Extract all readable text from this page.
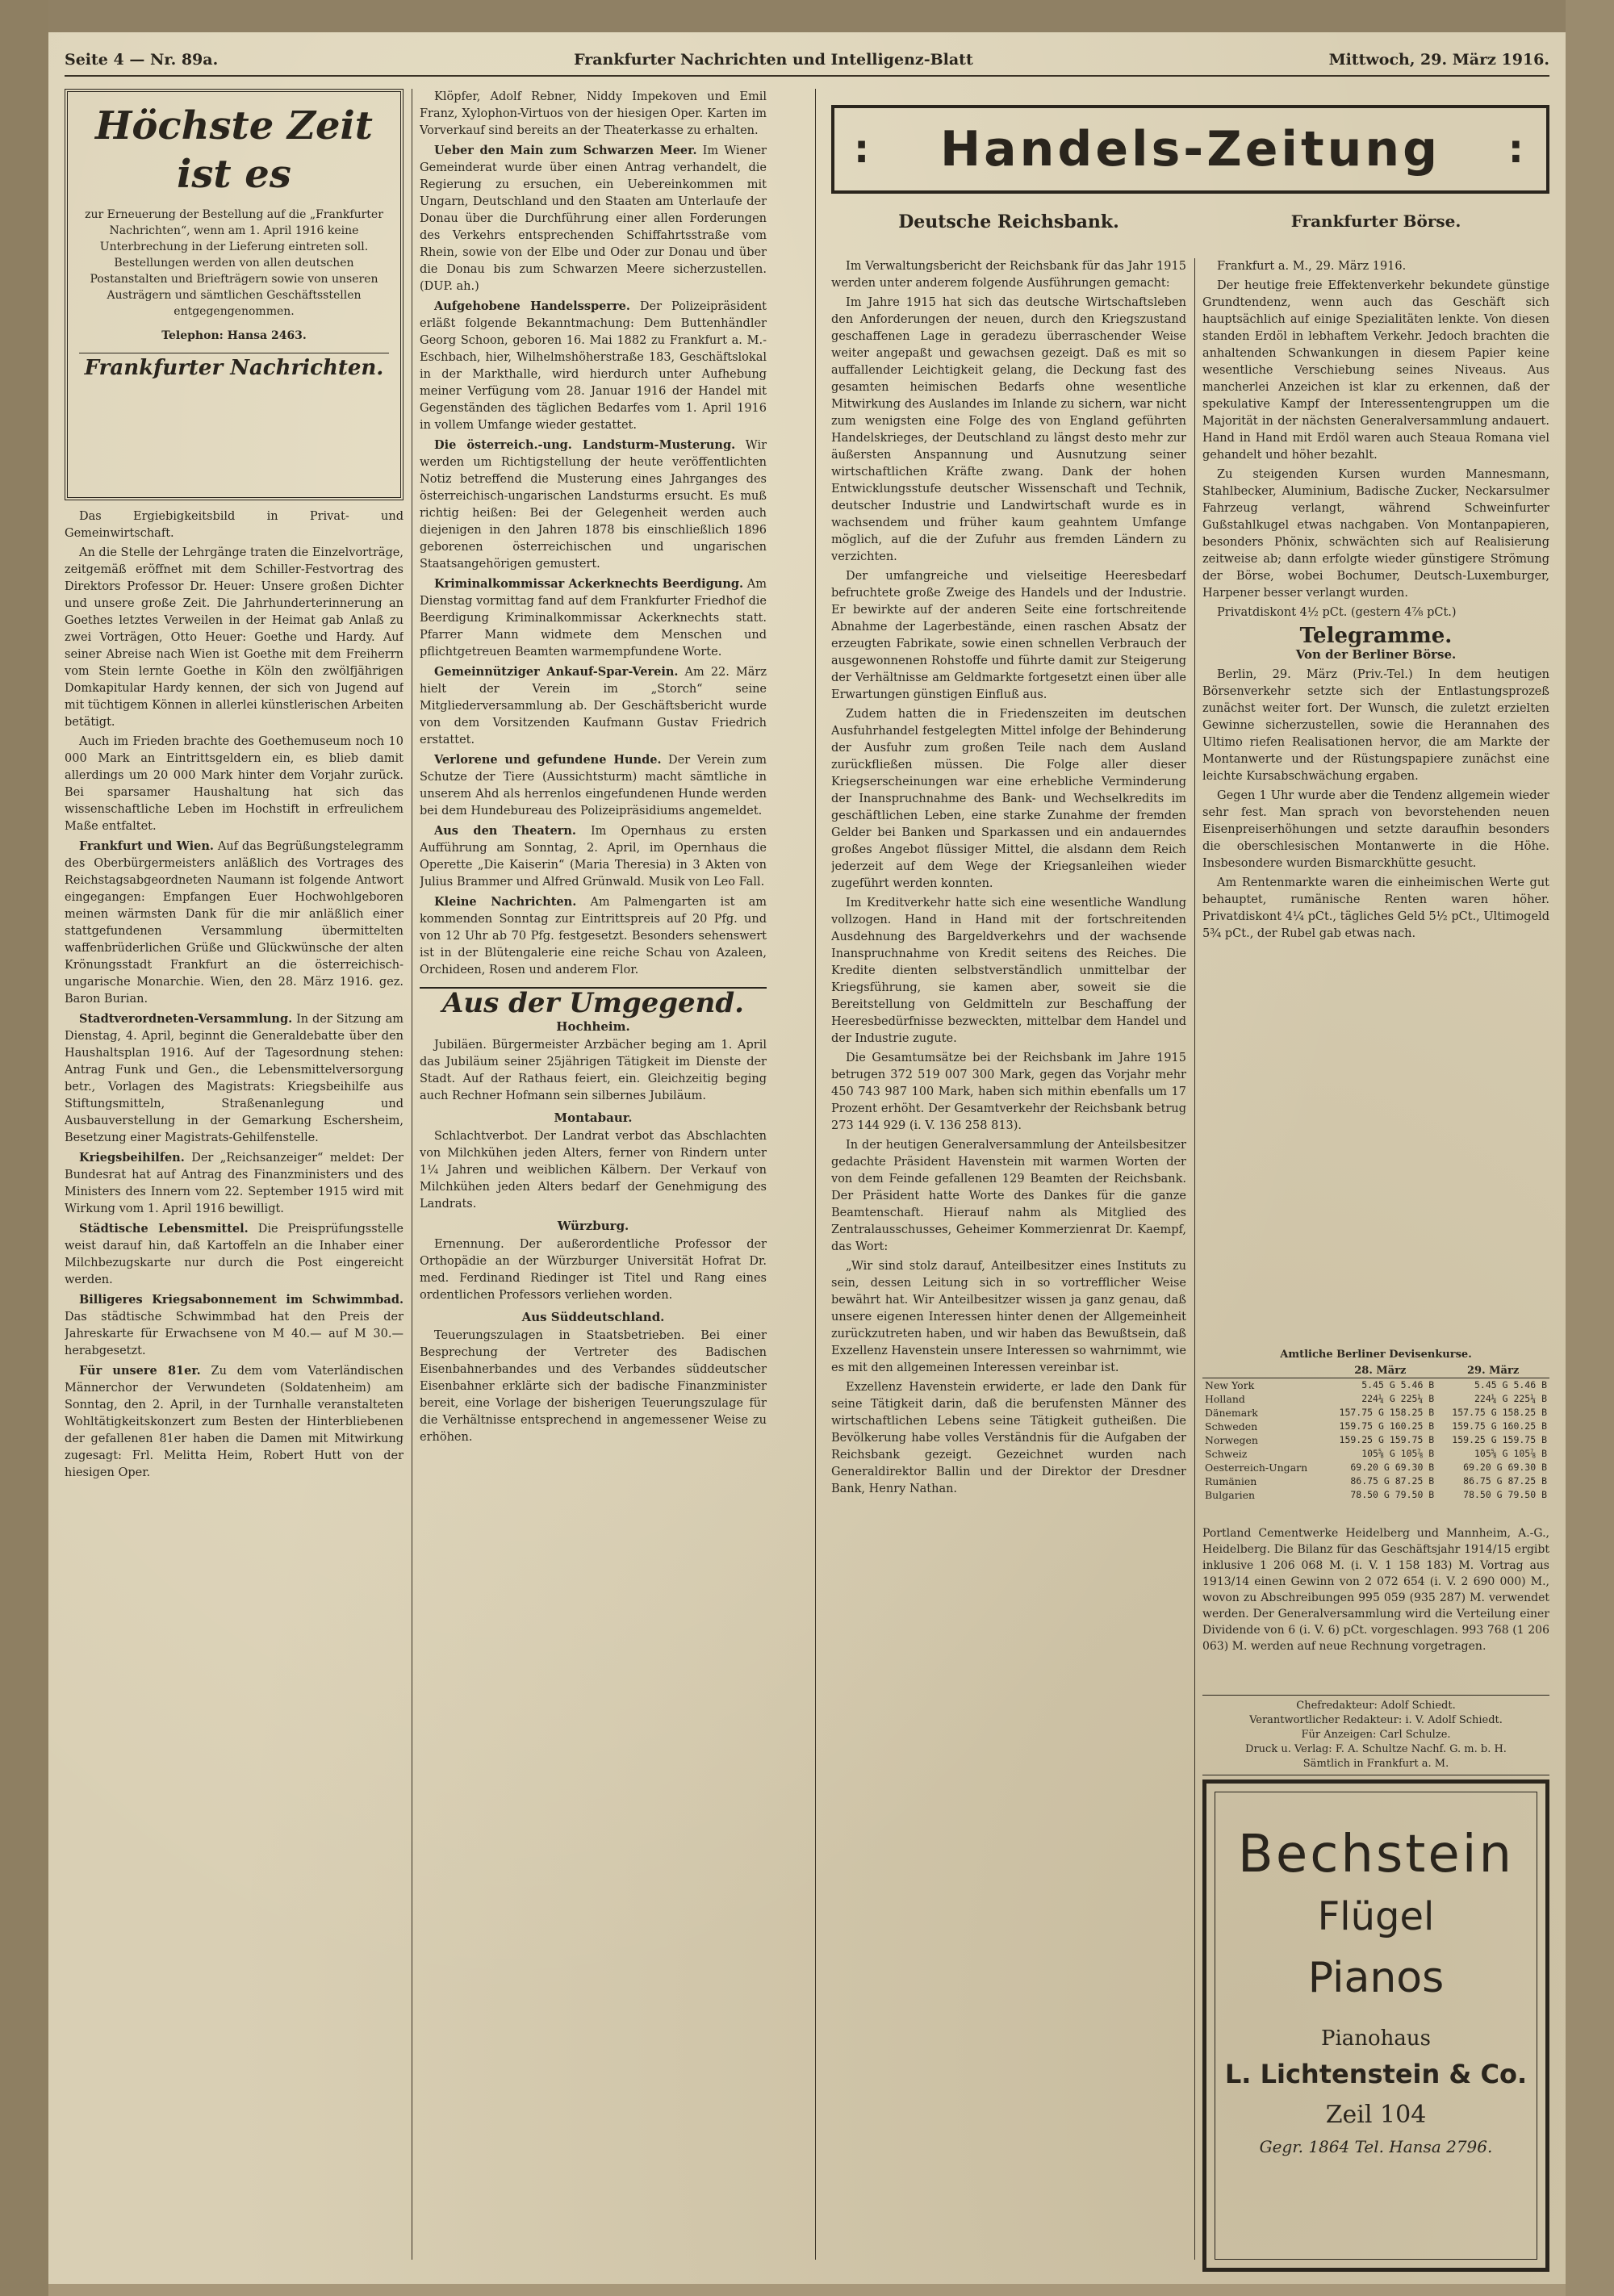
Seite 4 — Nr. 89a.	Frankfurter Nachrichten und Intelligenz-Blatt	Mittwoch, 29. März 1916.
Höchste Zeit
ist es
zur Erneuerung der Bestellung auf die „Frankfurter Nachrichten“, wenn am 1. April 1916 keine Unterbrechung in der Lieferung eintreten soll. Bestellungen werden von allen deutschen Postanstalten und Briefträgern sowie von unseren Austrägern und sämtlichen Geschäftsstellen entgegengenommen.
Telephon: Hansa 2463.
Frankfurter Nachrichten.

Das Ergiebigkeitsbild in Privat- und Gemeinwirtschaft.

An die Stelle der Lehrgänge traten die Einzelvorträge, zeitgemäß eröffnet mit dem Schiller-Festvortrag des Direktors Professor Dr. Heuer: Unsere großen Dichter und unsere große Zeit. Die Jahrhunderterinnerung an Goethes letztes Verweilen in der Heimat gab Anlaß zu zwei Vorträgen, Otto Heuer: Goethe und Hardy. Auf seiner Abreise nach Wien ist Goethe mit dem Freiherrn vom Stein lernte Goethe in Köln den zwölfjährigen Domkapitular Hardy kennen, der sich von Jugend auf mit tüchtigem Können in allerlei künstlerischen Arbeiten betätigt.

Auch im Frieden brachte des Goethemuseum noch 10 000 Mark an Eintrittsgeldern ein, es blieb damit allerdings um 20 000 Mark hinter dem Vorjahr zurück. Bei sparsamer Haushaltung hat sich das wissenschaftliche Leben im Hochstift in erfreulichem Maße entfaltet.

Frankfurt und Wien. Auf das Begrüßungstelegramm des Oberbürgermeisters anläßlich des Vortrages des Reichstagsabgeordneten Naumann ist folgende Antwort eingegangen: Empfangen Euer Hochwohlgeboren meinen wärmsten Dank für die mir anläßlich einer stattgefundenen Versammlung übermittelten waffenbrüderlichen Grüße und Glückwünsche der alten Krönungsstadt Frankfurt an die österreichisch-ungarische Monarchie. Wien, den 28. März 1916. gez. Baron Burian.

Stadtverordneten-Versammlung. In der Sitzung am Dienstag, 4. April, beginnt die Generaldebatte über den Haushaltsplan 1916. Auf der Tagesordnung stehen: Antrag Funk und Gen., die Lebensmittelversorgung betr., Vorlagen des Magistrats: Kriegsbeihilfe aus Stiftungsmitteln, Straßenanlegung und Ausbauverstellung in der Gemarkung Eschersheim, Besetzung einer Magistrats-Gehilfenstelle.

Kriegsbeihilfen. Der „Reichsanzeiger“ meldet: Der Bundesrat hat auf Antrag des Finanzministers und des Ministers des Innern vom 22. September 1915 wird mit Wirkung vom 1. April 1916 bewilligt.

Städtische Lebensmittel. Die Preisprüfungsstelle weist darauf hin, daß Kartoffeln an die Inhaber einer Milchbezugskarte nur durch die Post eingereicht werden.

Billigeres Kriegsabonnement im Schwimmbad. Das städtische Schwimmbad hat den Preis der Jahreskarte für Erwachsene von M 40.— auf M 30.— herabgesetzt.

Für unsere 81er. Zu dem vom Vaterländischen Männerchor der Verwundeten (Soldatenheim) am Sonntag, den 2. April, in der Turnhalle veranstalteten Wohltätigkeitskonzert zum Besten der Hinterbliebenen der gefallenen 81er haben die Damen mit Mitwirkung zugesagt: Frl. Melitta Heim, Robert Hutt von der hiesigen Oper.

Klöpfer, Adolf Rebner, Niddy Impekoven und Emil Franz, Xylophon-Virtuos von der hiesigen Oper. Karten im Vorverkauf sind bereits an der Theaterkasse zu erhalten.

Ueber den Main zum Schwarzen Meer. Im Wiener Gemeinderat wurde über einen Antrag verhandelt, die Regierung zu ersuchen, ein Uebereinkommen mit Ungarn, Deutschland und den Staaten am Unterlaufe der Donau über die Durchführung einer allen Forderungen des Verkehrs entsprechenden Schiffahrtsstraße vom Rhein, sowie von der Elbe und Oder zur Donau und über die Donau bis zum Schwarzen Meere sicherzustellen. (DUP. ah.)

Aufgehobene Handelssperre. Der Polizeipräsident erläßt folgende Bekanntmachung: Dem Buttenhändler Georg Schoon, geboren 16. Mai 1882 zu Frankfurt a. M.-Eschbach, hier, Wilhelmshöherstraße 183, Geschäftslokal in der Markthalle, wird hierdurch unter Aufhebung meiner Verfügung vom 28. Januar 1916 der Handel mit Gegenständen des täglichen Bedarfes vom 1. April 1916 in vollem Umfange wieder gestattet.

Die österreich.-ung. Landsturm-Musterung. Wir werden um Richtigstellung der heute veröffentlichten Notiz betreffend die Musterung eines Jahrganges des österreichisch-ungarischen Landsturms ersucht. Es muß richtig heißen: Bei der Gelegenheit werden auch diejenigen in den Jahren 1878 bis einschließlich 1896 geborenen österreichischen und ungarischen Staatsangehörigen gemustert.

Kriminalkommissar Ackerknechts Beerdigung. Am Dienstag vormittag fand auf dem Frankfurter Friedhof die Beerdigung Kriminalkommissar Ackerknechts statt. Pfarrer Mann widmete dem Menschen und pflichtgetreuen Beamten warmempfundene Worte.

Gemeinnütziger Ankauf-Spar-Verein. Am 22. März hielt der Verein im „Storch“ seine Mitgliederversammlung ab. Der Geschäftsbericht wurde von dem Vorsitzenden Kaufmann Gustav Friedrich erstattet.

Verlorene und gefundene Hunde. Der Verein zum Schutze der Tiere (Aussichtsturm) macht sämtliche in unserem Ahd als herrenlos eingefundenen Hunde werden bei dem Hundebureau des Polizeipräsidiums angemeldet.

Aus den Theatern. Im Opernhaus zu ersten Aufführung am Sonntag, 2. April, im Opernhaus die Operette „Die Kaiserin“ (Maria Theresia) in 3 Akten von Julius Brammer und Alfred Grünwald. Musik von Leo Fall.

Kleine Nachrichten. Am Palmengarten ist am kommenden Sonntag zur Eintrittspreis auf 20 Pfg. und von 12 Uhr ab 70 Pfg. festgesetzt. Besonders sehenswert ist in der Blütengalerie eine reiche Schau von Azaleen, Orchideen, Rosen und anderem Flor.

Aus der Umgegend.
Hochheim.

Jubiläen. Bürgermeister Arzbächer beging am 1. April das Jubiläum seiner 25jährigen Tätigkeit im Dienste der Stadt. Auf der Rathaus feiert, ein. Gleichzeitig beging auch Rechner Hofmann sein silbernes Jubiläum.

Montabaur.

Schlachtverbot. Der Landrat verbot das Abschlachten von Milchkühen jeden Alters, ferner von Rindern unter 1¼ Jahren und weiblichen Kälbern. Der Verkauf von Milchkühen jeden Alters bedarf der Genehmigung des Landrats.

Würzburg.

Ernennung. Der außerordentliche Professor der Orthopädie an der Würzburger Universität Hofrat Dr. med. Ferdinand Riedinger ist Titel und Rang eines ordentlichen Professors verliehen worden.

Aus Süddeutschland.

Teuerungszulagen in Staatsbetrieben. Bei einer Besprechung der Vertreter des Badischen Eisenbahnerbandes und des Verbandes süddeutscher Eisenbahner erklärte sich der badische Finanzminister bereit, eine Vorlage der bisherigen Teuerungszulage für die Verhältnisse entsprechend in angemessener Weise zu erhöhen.

: Handels-Zeitung :
Deutsche Reichsbank.	Frankfurter Börse.

Im Verwaltungsbericht der Reichsbank für das Jahr 1915 werden unter anderem folgende Ausführungen gemacht:

Im Jahre 1915 hat sich das deutsche Wirtschaftsleben den Anforderungen der neuen, durch den Kriegszustand geschaffenen Lage in geradezu überraschender Weise weiter angepaßt und gewachsen gezeigt. Daß es mit so auffallender Leichtigkeit gelang, die Deckung fast des gesamten heimischen Bedarfs ohne wesentliche Mitwirkung des Auslandes im Inlande zu sichern, war nicht zum wenigsten eine Folge des von England geführten Handelskrieges, der Deutschland zu längst desto mehr zur äußersten Anspannung und Ausnutzung seiner wirtschaftlichen Kräfte zwang. Dank der hohen Entwicklungsstufe deutscher Wissenschaft und Technik, deutscher Industrie und Landwirtschaft wurde es in wachsendem und früher kaum geahntem Umfange möglich, auf die der Zufuhr aus fremden Ländern zu verzichten.

Der umfangreiche und vielseitige Heeresbedarf befruchtete große Zweige des Handels und der Industrie. Er bewirkte auf der anderen Seite eine fortschreitende Abnahme der Lagerbestände, einen raschen Absatz der erzeugten Fabrikate, sowie einen schnellen Verbrauch der ausgewonnenen Rohstoffe und führte damit zur Steigerung der Verhältnisse am Geldmarkte fortgesetzt einen über alle Erwartungen günstigen Einfluß aus.

Zudem hatten die in Friedenszeiten im deutschen Ausfuhrhandel festgelegten Mittel infolge der Behinderung der Ausfuhr zum großen Teile nach dem Ausland zurückfließen müssen. Die Folge aller dieser Kriegserscheinungen war eine erhebliche Verminderung der Inanspruchnahme des Bank- und Wechselkredits im geschäftlichen Leben, eine starke Zunahme der fremden Gelder bei Banken und Sparkassen und ein andauerndes großes Angebot flüssiger Mittel, die alsdann dem Reich jederzeit auf dem Wege der Kriegsanleihen wieder zugeführt werden konnten.

Im Kreditverkehr hatte sich eine wesentliche Wandlung vollzogen. Hand in Hand mit der fortschreitenden Ausdehnung des Bargeldverkehrs und der wachsende Inanspruchnahme von Kredit seitens des Reiches. Die Kredite dienten selbstverständlich unmittelbar der Kriegsführung, sie kamen aber, soweit sie die Bereitstellung von Geldmitteln zur Beschaffung der Heeresbedürfnisse bezweckten, mittelbar dem Handel und der Industrie zugute.

Die Gesamtumsätze bei der Reichsbank im Jahre 1915 betrugen 372 519 007 300 Mark, gegen das Vorjahr mehr 450 743 987 100 Mark, haben sich mithin ebenfalls um 17 Prozent erhöht. Der Gesamtverkehr der Reichsbank betrug 273 144 929 (i. V. 136 258 813).

In der heutigen Generalversammlung der Anteilsbesitzer gedachte Präsident Havenstein mit warmen Worten der von dem Feinde gefallenen 129 Beamten der Reichsbank. Der Präsident hatte Worte des Dankes für die ganze Beamtenschaft. Hierauf nahm als Mitglied des Zentralausschusses, Geheimer Kommerzienrat Dr. Kaempf, das Wort:

„Wir sind stolz darauf, Anteilbesitzer eines Instituts zu sein, dessen Leitung sich in so vortrefflicher Weise bewährt hat. Wir Anteilbesitzer wissen ja ganz genau, daß unsere eigenen Interessen hinter denen der Allgemeinheit zurückzutreten haben, und wir haben das Bewußtsein, daß Exzellenz Havenstein unsere Interessen so wahrnimmt, wie es mit den allgemeinen Interessen vereinbar ist.

Exzellenz Havenstein erwiderte, er lade den Dank für seine Tätigkeit darin, daß die berufensten Männer des wirtschaftlichen Lebens seine Tätigkeit gutheißen. Die Bevölkerung habe volles Verständnis für die Aufgaben der Reichsbank gezeigt. Gezeichnet wurden nach Generaldirektor Ballin und der Direktor der Dresdner Bank, Henry Nathan.

Frankfurt a. M., 29. März 1916.

Der heutige freie Effektenverkehr bekundete günstige Grundtendenz, wenn auch das Geschäft sich hauptsächlich auf einige Spezialitäten lenkte. Von diesen standen Erdöl in lebhaftem Verkehr. Jedoch brachten die anhaltenden Schwankungen in diesem Papier keine wesentliche Verschiebung seines Niveaus. Aus mancherlei Anzeichen ist klar zu erkennen, daß der spekulative Kampf der Interessentengruppen um die Majorität in der nächsten Generalversammlung andauert. Hand in Hand mit Erdöl waren auch Steaua Romana viel gehandelt und höher bezahlt.

Zu steigenden Kursen wurden Mannesmann, Stahlbecker, Aluminium, Badische Zucker, Neckarsulmer Fahrzeug verlangt, während Schweinfurter Gußstahlkugel etwas nachgaben. Von Montanpapieren, besonders Phönix, schwächten sich auf Realisierung zeitweise ab; dann erfolgte wieder günstigere Strömung der Börse, wobei Bochumer, Deutsch-Luxemburger, Harpener besser verlangt wurden.

Privatdiskont 4½ pCt. (gestern 4⅞ pCt.)

Telegramme.
Von der Berliner Börse.

Berlin, 29. März (Priv.-Tel.) In dem heutigen Börsenverkehr setzte sich der Entlastungsprozeß zunächst weiter fort. Der Wunsch, die zuletzt erzielten Gewinne sicherzustellen, sowie die Herannahen des Ultimo riefen Realisationen hervor, die am Markte der Montanwerte und der Rüstungspapiere zunächst eine leichte Kursabschwächung ergaben.

Gegen 1 Uhr wurde aber die Tendenz allgemein wieder sehr fest. Man sprach von bevorstehenden neuen Eisenpreiserhöhungen und setzte daraufhin besonders die oberschlesischen Montanwerte in die Höhe. Insbesondere wurden Bismarckhütte gesucht.

Am Rentenmarkte waren die einheimischen Werte gut behauptet, rumänische Renten waren höher. Privatdiskont 4¼ pCt., tägliches Geld 5½ pCt., Ultimogeld 5¾ pCt., der Rubel gab etwas nach.

Amtliche Berliner Devisenkurse.
	28. März	29. März
New York	5.45 G 5.46 B	5.45 G 5.46 B
Holland	224¼ G 225¼ B	224¼ G 225¼ B
Dänemark	157.75 G 158.25 B	157.75 G 158.25 B
Schweden	159.75 G 160.25 B	159.75 G 160.25 B
Norwegen	159.25 G 159.75 B	159.25 G 159.75 B
Schweiz	105⅝ G 105⅞ B	105⅝ G 105⅞ B
Oesterreich-Ungarn	69.20 G 69.30 B	69.20 G 69.30 B
Rumänien	86.75 G 87.25 B	86.75 G 87.25 B
Bulgarien	78.50 G 79.50 B	78.50 G 79.50 B
Portland Cementwerke Heidelberg und Mannheim, A.-G., Heidelberg. Die Bilanz für das Geschäftsjahr 1914/15 ergibt inklusive 1 206 068 M. (i. V. 1 158 183) M. Vortrag aus 1913/14 einen Gewinn von 2 072 654 (i. V. 2 690 000) M., wovon zu Abschreibungen 995 059 (935 287) M. verwendet werden. Der Generalversammlung wird die Verteilung einer Dividende von 6 (i. V. 6) pCt. vorgeschlagen. 993 768 (1 206 063) M. werden auf neue Rechnung vorgetragen.
Chefredakteur: Adolf Schiedt.
Verantwortlicher Redakteur: i. V. Adolf Schiedt.
Für Anzeigen: Carl Schulze.
Druck u. Verlag: F. A. Schultze Nachf. G. m. b. H.
Sämtlich in Frankfurt a. M.
Bechstein
Flügel
Pianos
Pianohaus
L. Lichtenstein & Co.
Zeil 104
Gegr. 1864 Tel. Hansa 2796.
